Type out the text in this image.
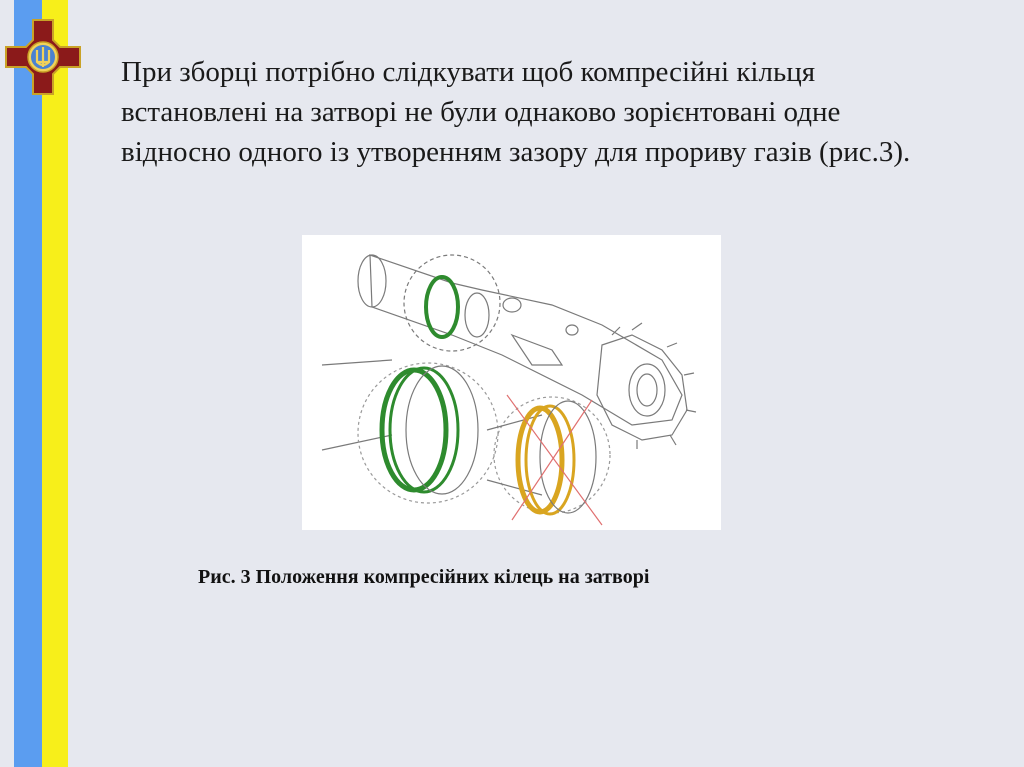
При зборці потрібно слідкувати щоб компресійні кільця встановлені на затворі не були однаково зорієнтовані одне відносно одного із утворенням зазору для прориву газів (рис.3).

Рис. 3 Положення компресійних кілець на затворі
